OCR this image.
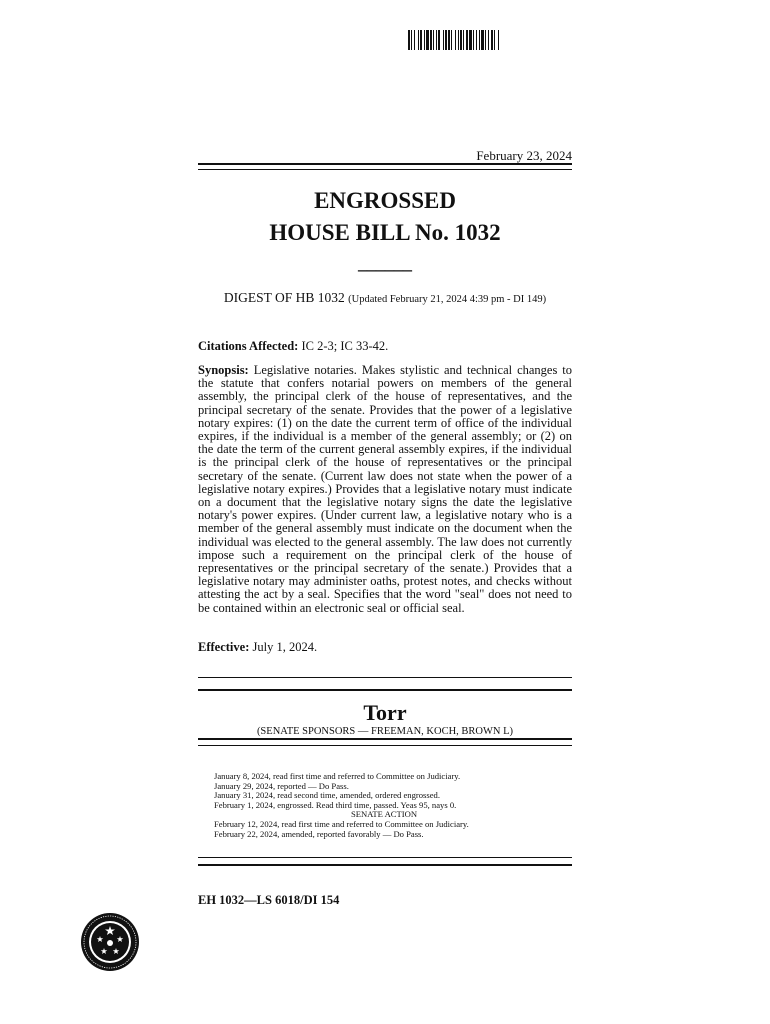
February 23, 2024
ENGROSSED
HOUSE BILL No. 1032
______
DIGEST OF HB 1032 (Updated February 21, 2024 4:39 pm - DI 149)
Citations Affected: IC 2-3; IC 33-42.
Synopsis: Legislative notaries. Makes stylistic and technical changes to the statute that confers notarial powers on members of the general assembly, the principal clerk of the house of representatives, and the principal secretary of the senate. Provides that the power of a legislative notary expires: (1) on the date the current term of office of the individual expires, if the individual is a member of the general assembly; or (2) on the date the term of the current general assembly expires, if the individual is the principal clerk of the house of representatives or the principal secretary of the senate. (Current law does not state when the power of a legislative notary expires.) Provides that a legislative notary must indicate on a document that the legislative notary signs the date the legislative notary's power expires. (Under current law, a legislative notary who is a member of the general assembly must indicate on the document when the individual was elected to the general assembly. The law does not currently impose such a requirement on the principal clerk of the house of representatives or the principal secretary of the senate.) Provides that a legislative notary may administer oaths, protest notes, and checks without attesting the act by a seal. Specifies that the word "seal" does not need to be contained within an electronic seal or official seal.
Effective: July 1, 2024.
Torr
(SENATE SPONSORS — FREEMAN, KOCH, BROWN L)
January 8, 2024, read first time and referred to Committee on Judiciary.
January 29, 2024, reported — Do Pass.
January 31, 2024, read second time, amended, ordered engrossed.
February 1, 2024, engrossed. Read third time, passed. Yeas 95, nays 0.
SENATE ACTION
February 12, 2024, read first time and referred to Committee on Judiciary.
February 22, 2024, amended, reported favorably — Do Pass.
EH 1032—LS 6018/DI 154
